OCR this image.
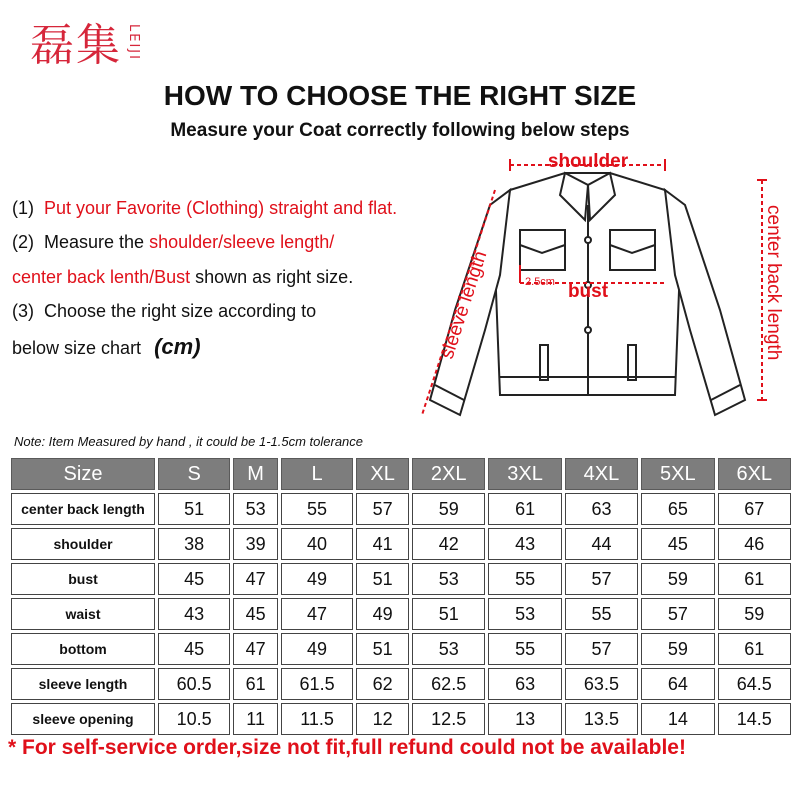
磊集 LEIJI
HOW TO CHOOSE THE RIGHT SIZE
Measure your Coat correctly following below steps
(1) Put your Favorite (Clothing) straight and flat.
(2) Measure the shoulder/sleeve length/
center back lenth/Bust shown as right size.
(3) Choose the right size according to
below size chart (cm)
shoulder
bust
2.5cm
sleeve length	center back length
Note: Item Measured by hand , it could be 1-1.5cm tolerance
Size	S	M	L	XL	2XL	3XL	4XL	5XL	6XL
center back length	51	53	55	57	59	61	63	65	67
shoulder	38	39	40	41	42	43	44	45	46
bust	45	47	49	51	53	55	57	59	61
waist	43	45	47	49	51	53	55	57	59
bottom	45	47	49	51	53	55	57	59	61
sleeve length	60.5	61	61.5	62	62.5	63	63.5	64	64.5
sleeve opening	10.5	11	11.5	12	12.5	13	13.5	14	14.5
* For self-service order,size not fit,full refund could not be available!
